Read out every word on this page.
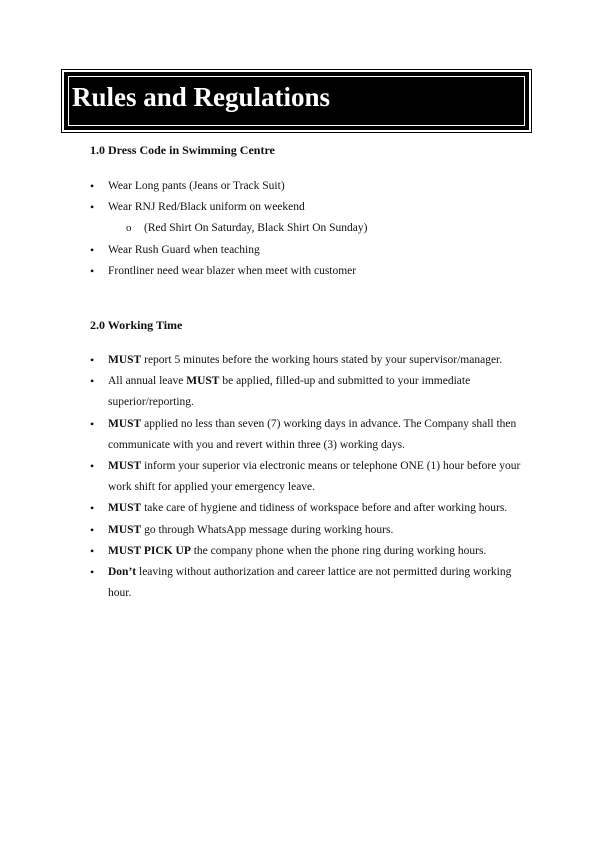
Rules and Regulations
1.0 Dress Code in Swimming Centre
• Wear Long pants (Jeans or Track Suit)
• Wear RNJ Red/Black uniform on weekend
o (Red Shirt On Saturday, Black Shirt On Sunday)
• Wear Rush Guard when teaching
• Frontliner need wear blazer when meet with customer
2.0 Working Time
• MUST report 5 minutes before the working hours stated by your supervisor/manager.
• All annual leave MUST be applied, filled-up and submitted to your immediate superior/reporting.
• MUST applied no less than seven (7) working days in advance. The Company shall then communicate with you and revert within three (3) working days.
• MUST inform your superior via electronic means or telephone ONE (1) hour before your work shift for applied your emergency leave.
• MUST take care of hygiene and tidiness of workspace before and after working hours.
• MUST go through WhatsApp message during working hours.
• MUST PICK UP the company phone when the phone ring during working hours.
• Don’t leaving without authorization and career lattice are not permitted during working hour.
